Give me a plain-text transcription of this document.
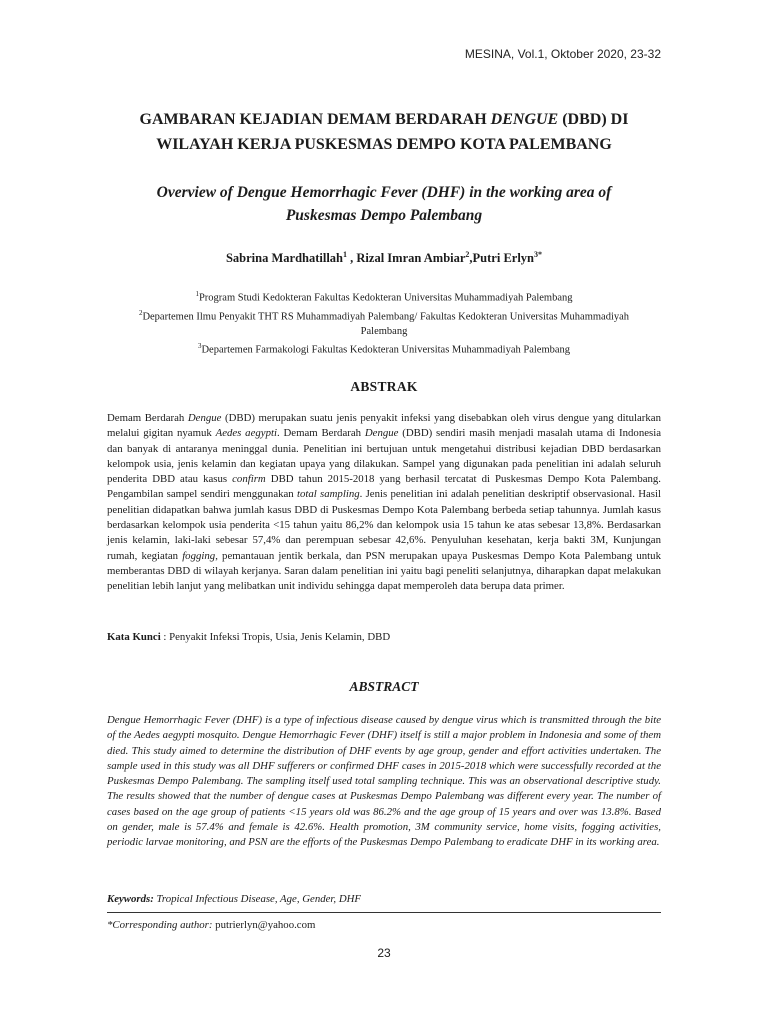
MESINA, Vol.1, Oktober 2020, 23-32
GAMBARAN KEJADIAN DEMAM BERDARAH DENGUE (DBD) DI
WILAYAH KERJA PUSKESMAS DEMPO KOTA PALEMBANG
Overview of Dengue Hemorrhagic Fever (DHF) in the working area of
Puskesmas Dempo Palembang
Sabrina Mardhatillah$^1$ , Rizal Imran Ambiar$^2$,Putri Erlyn$^{3*}$
$^1$Program Studi Kedokteran Fakultas Kedokteran Universitas Muhammadiyah Palembang
$^2$Departemen Ilmu Penyakit THT RS Muhammadiyah Palembang/ Fakultas Kedokteran Universitas Muhammadiyah Palembang
$^3$Departemen Farmakologi Fakultas Kedokteran Universitas Muhammadiyah Palembang
ABSTRAK

Demam Berdarah Dengue (DBD) merupakan suatu jenis penyakit infeksi yang disebabkan oleh virus dengue yang ditularkan melalui gigitan nyamuk Aedes aegypti. Demam Berdarah Dengue (DBD) sendiri masih menjadi masalah utama di Indonesia dan banyak di antaranya meninggal dunia. Penelitian ini bertujuan untuk mengetahui distribusi kejadian DBD berdasarkan kelompok usia, jenis kelamin dan kegiatan upaya yang dilakukan. Sampel yang digunakan pada penelitian ini adalah seluruh penderita DBD atau kasus confirm DBD tahun 2015-2018 yang berhasil tercatat di Puskesmas Dempo Kota Palembang. Pengambilan sampel sendiri menggunakan total sampling. Jenis penelitian ini adalah penelitian deskriptif observasional. Hasil penelitian didapatkan bahwa jumlah kasus DBD di Puskesmas Dempo Kota Palembang berbeda setiap tahunnya. Jumlah kasus berdasarkan kelompok usia penderita <15 tahun yaitu 86,2% dan kelompok usia 15 tahun ke atas sebesar 13,8%. Berdasarkan jenis kelamin, laki-laki sebesar 57,4% dan perempuan sebesar 42,6%. Penyuluhan kesehatan, kerja bakti 3M, Kunjungan rumah, kegiatan fogging, pemantauan jentik berkala, dan PSN merupakan upaya Puskesmas Dempo Kota Palembang untuk memberantas DBD di wilayah kerjanya. Saran dalam penelitian ini yaitu bagi peneliti selanjutnya, diharapkan dapat melakukan penelitian lebih lanjut yang melibatkan unit individu sehingga dapat memperoleh data berupa data primer.

Kata Kunci : Penyakit Infeksi Tropis, Usia, Jenis Kelamin, DBD
ABSTRACT

Dengue Hemorrhagic Fever (DHF) is a type of infectious disease caused by dengue virus which is transmitted through the bite of the Aedes aegypti mosquito. Dengue Hemorrhagic Fever (DHF) itself is still a major problem in Indonesia and some of them died. This study aimed to determine the distribution of DHF events by age group, gender and effort activities undertaken. The sample used in this study was all DHF sufferers or confirmed DHF cases in 2015-2018 which were successfully recorded at the Puskesmas Dempo Palembang. The sampling itself used total sampling technique. This was an observational descriptive study. The results showed that the number of dengue cases at Puskesmas Dempo Palembang was different every year. The number of cases based on the age group of patients <15 years old was 86.2% and the age group of 15 years and over was 13.8%. Based on gender, male is 57.4% and female is 42.6%. Health promotion, 3M community service, home visits, fogging activities, periodic larvae monitoring, and PSN are the efforts of the Puskesmas Dempo Palembang to eradicate DHF in its working area.

Keywords: Tropical Infectious Disease, Age, Gender, DHF
*Corresponding author: putrierlyn@yahoo.com
23
